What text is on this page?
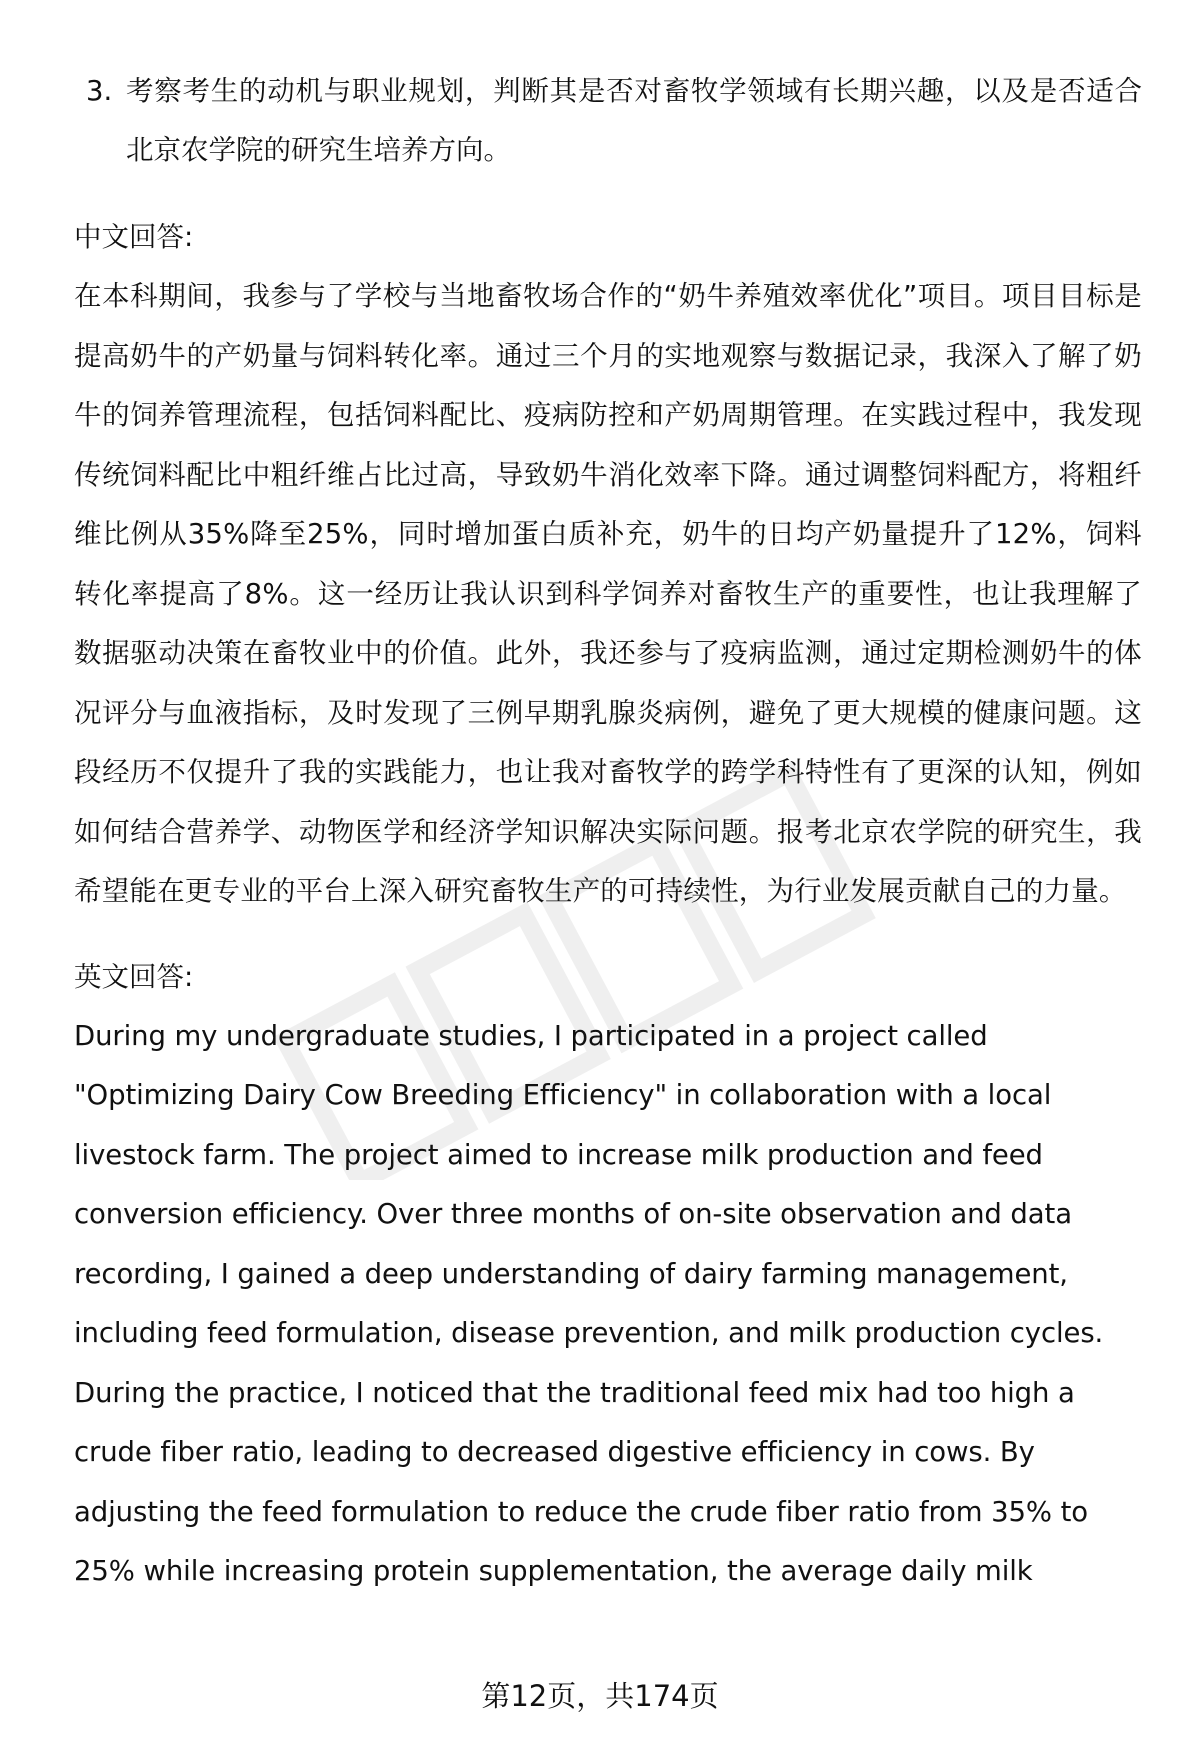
3. 考察考生的动机与职业规划，判断其是否对畜牧学领域有长期兴趣，以及是否适合北京农学院的研究生培养方向。

中文回答:

在本科期间，我参与了学校与当地畜牧场合作的“奶牛养殖效率优化”项目。项目目标是提高奶牛的产奶量与饲料转化率。通过三个月的实地观察与数据记录，我深入了解了奶牛的饲养管理流程，包括饲料配比、疫病防控和产奶周期管理。在实践过程中，我发现传统饲料配比中粗纤维占比过高，导致奶牛消化效率下降。通过调整饲料配方，将粗纤维比例从35%降至25%，同时增加蛋白质补充，奶牛的日均产奶量提升了12%，饲料转化率提高了8%。这一经历让我认识到科学饲养对畜牧生产的重要性，也让我理解了数据驱动决策在畜牧业中的价值。此外，我还参与了疫病监测，通过定期检测奶牛的体况评分与血液指标，及时发现了三例早期乳腺炎病例，避免了更大规模的健康问题。这段经历不仅提升了我的实践能力，也让我对畜牧学的跨学科特性有了更深的认知，例如如何结合营养学、动物医学和经济学知识解决实际问题。报考北京农学院的研究生，我希望能在更专业的平台上深入研究畜牧生产的可持续性，为行业发展贡献自己的力量。

英文回答:

During my undergraduate studies, I participated in a project called
"Optimizing Dairy Cow Breeding Efficiency" in collaboration with a local
livestock farm. The project aimed to increase milk production and feed
conversion efficiency. Over three months of on-site observation and data
recording, I gained a deep understanding of dairy farming management,
including feed formulation, disease prevention, and milk production cycles.
During the practice, I noticed that the traditional feed mix had too high a
crude fiber ratio, leading to decreased digestive efficiency in cows. By
adjusting the feed formulation to reduce the crude fiber ratio from 35% to
25% while increasing protein supplementation, the average daily milk
第12页，共174页
